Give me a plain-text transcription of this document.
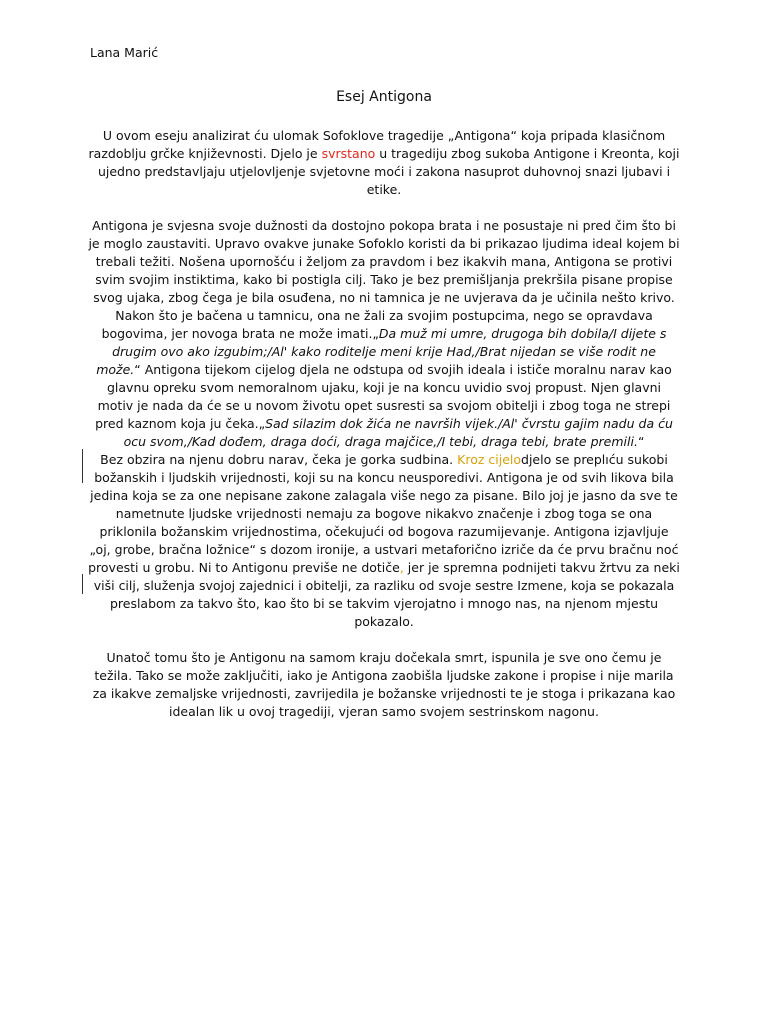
Lana Marić
Esej Antigona

U ovom eseju analizirat ću ulomak Sofoklove tragedije „Antigona“ koja pripada klasičnom razdoblju grčke književnosti. Djelo je svrstano u tragediju zbog sukoba Antigone i Kreonta, koji ujedno predstavljaju utjelovljenje svjetovne moći i zakona nasuprot duhovnoj snazi ljubavi i etike.

Antigona je svjesna svoje dužnosti da dostojno pokopa brata i ne posustaje ni pred čim što bi je moglo zaustaviti. Upravo ovakve junake Sofoklo koristi da bi prikazao ljudima ideal kojem bi trebali težiti. Nošena upornošću i željom za pravdom i bez ikakvih mana, Antigona se protivi svim svojim instiktima, kako bi postigla cilj. Tako je bez premišljanja prekršila pisane propise svog ujaka, zbog čega je bila osuđena, no ni tamnica je ne uvjerava da je učinila nešto krivo.

Nakon što je bačena u tamnicu, ona ne žali za svojim postupcima, nego se opravdava bogovima, jer novoga brata ne može imati.„Da muž mi umre, drugoga bih dobila/I dijete s drugim ovo ako izgubim;/Al' kako roditelje meni krije Had,/Brat nijedan se više rodit ne može.“ Antigona tijekom cijelog djela ne odstupa od svojih ideala i ističe moralnu narav kao glavnu opreku svom nemoralnom ujaku, koji je na koncu uvidio svoj propust. Njen glavni motiv je nada da će se u novom životu opet susresti sa svojom obitelji i zbog toga ne strepi pred kaznom koja ju čeka.„Sad silazim dok žića ne navrših vijek./Al' čvrstu gajim nadu da ću ocu svom,/Kad dođem, draga doći, draga majčice,/I tebi, draga tebi, brate premili.“

Bez obzira na njenu dobru narav, čeka je gorka sudbina. Kroz cijelodjelo se preplıću sukobi božanskih i ljudskih vrijednosti, koji su na koncu neusporedivi. Antigona je od svih likova bila jedina koja se za one nepisane zakone zalagala više nego za pisane. Bilo joj je jasno da sve te nametnute ljudske vrijednosti nemaju za bogove nikakvo značenje i zbog toga se ona priklonila božanskim vrijednostima, očekujući od bogova razumijevanje. Antigona izjavljuje „oj, grobe, bračna ložnice“ s dozom ironije, a ustvari metaforično izriče da će prvu bračnu noć provesti u grobu. Ni to Antigonu previše ne dotiče, jer je spremna podnijeti takvu žrtvu za neki viši cilj, služenja svojoj zajednici i obitelji, za razliku od svoje sestre Izmene, koja se pokazala preslabom za takvo što, kao što bi se takvim vjerojatno i mnogo nas, na njenom mjestu pokazalo.

Unatoč tomu što je Antigonu na samom kraju dočekala smrt, ispunila je sve ono čemu je težila. Tako se može zaključiti, iako je Antigona zaobišla ljudske zakone i propise i nije marila za ikakve zemaljske vrijednosti, zavrijedila je božanske vrijednosti te je stoga i prikazana kao idealan lik u ovoj tragediji, vjeran samo svojem sestrinskom nagonu.
